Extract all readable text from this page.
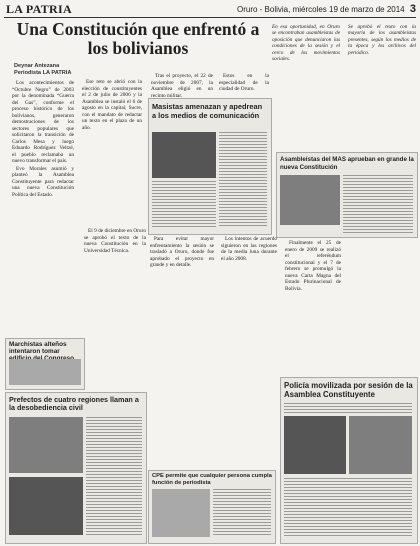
LA PATRIA	Oruro - Bolivia, miércoles 19 de marzo de 2014 3
Una Constitución que enfrentó a los bolivianos
Deynar Antezana
Periodista LA PATRIA

Los acontecimientos de “Octubre Negro” de 2003 por la denominada “Guerra del Gas”, conforme el proceso histórico de los bolivianos, generaron demostraciones de los sectores populares que solicitaron la transición de Carlos Mesa y luego Eduardo Rodríguez Veltzé, el pueblo reclamaba un nuevo transformar el país.

Evo Morales asumió y planteó la Asamblea Constituyente para redactar una nueva Constitución Política del Estado.

Ese reto se abrió con la elección de constituyentes el 2 de julio de 2006 y la Asamblea se instaló el 6 de agosto en la capital, Sucre, con el mandato de redactar un texto en el plazo de un año.

Tras el proyecto, el 22 de noviembre de 2007, la Asamblea eligió en un recinto militar.

Estos en la especialidad de la ciudad de Oruro.

En esa oportunidad, en Oruro se encontraban asambleístas de oposición que denunciaron las condiciones de la sesión y el cerco de los movimientos sociales.
Se aprobó el texto con la mayoría de los asambleístas presentes, según los medios de la época y los archivos del periódico.
Masistas amenazan y apedrean a los medios de comunicación
Asambleístas del MAS aprueban en grande la nueva Constitución
Marchistas alteños intentaron tomar
Prefectos de cuatro regiones llaman a la desobediencia civil
CPE permite que cualquier persona cumpla función de periodista
Policía movilizada por sesión de la Asamblea Constituyente

El 9 de diciembre en Oruro se aprobó el texto de la nueva Constitución en la Universidad Técnica.

Para evitar mayor enfrentamiento la sesión se trasladó a Oruro, donde fue aprobado el proyecto en grande y en detalle.

Los intentos de acuerdo siguieron en las regiones de la media luna durante el año 2008.

Finalmente el 25 de enero de 2009 se realizó el referéndum constitucional y el 7 de febrero se promulgó la nueva Carta Magna del Estado Plurinacional de Bolivia.
